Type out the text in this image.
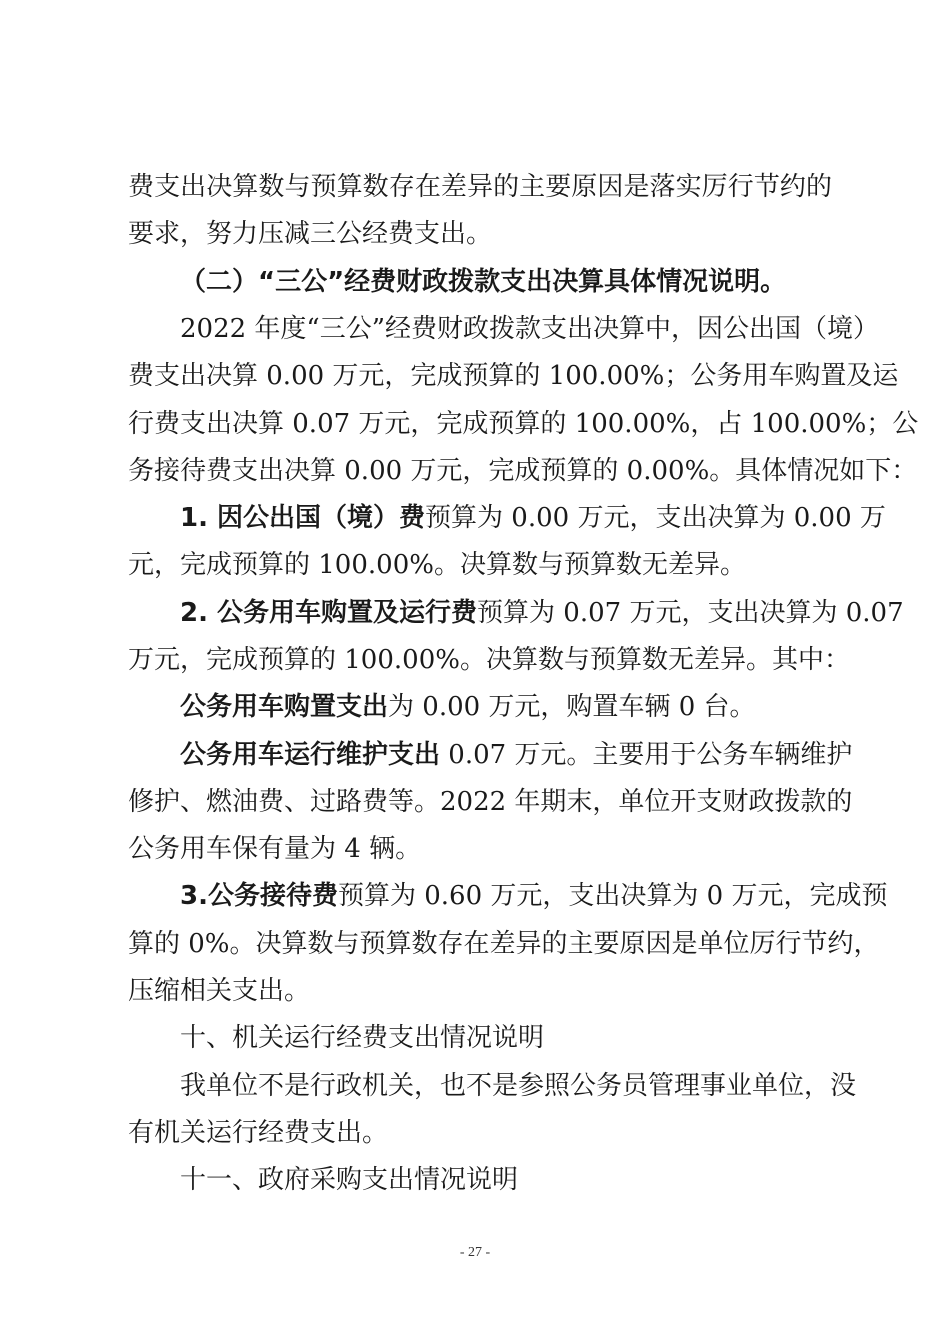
费支出决算数与预算数存在差异的主要原因是落实厉行节约的
要求，努力压减三公经费支出。
（二）“三公”经费财政拨款支出决算具体情况说明。
2022 年度“三公”经费财政拨款支出决算中，因公出国（境）
费支出决算 0.00 万元，完成预算的 100.00%；公务用车购置及运
行费支出决算 0.07 万元，完成预算的 100.00%，占 100.00%；公
务接待费支出决算 0.00 万元，完成预算的 0.00%。具体情况如下：
1. 因公出国（境）费预算为 0.00 万元，支出决算为 0.00 万
元，完成预算的 100.00%。决算数与预算数无差异。
2. 公务用车购置及运行费预算为 0.07 万元，支出决算为 0.07
万元，完成预算的 100.00%。决算数与预算数无差异。其中：
公务用车购置支出为 0.00 万元，购置车辆 0 台。
公务用车运行维护支出 0.07 万元。主要用于公务车辆维护
修护、燃油费、过路费等。2022 年期末，单位开支财政拨款的
公务用车保有量为 4 辆。
3.公务接待费预算为 0.60 万元，支出决算为 0 万元，完成预
算的 0%。决算数与预算数存在差异的主要原因是单位厉行节约，
压缩相关支出。
十、机关运行经费支出情况说明
我单位不是行政机关，也不是参照公务员管理事业单位，没
有机关运行经费支出。
十一、政府采购支出情况说明
- 27 -
